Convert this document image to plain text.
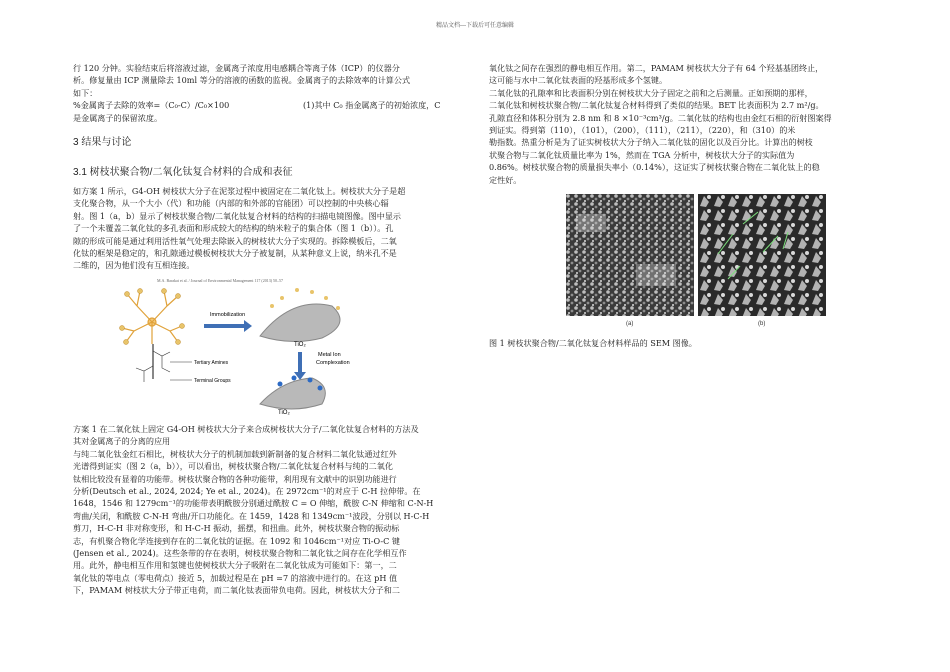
精品文档---下载后可任意编辑

行 120 分钟。实验结束后将溶液过滤，金属离子浓度用电感耦合等离子体（ICP）的仪器分

析。修复量由 ICP 测量除去 10ml 等分的溶液的函数的监视。金属离子的去除效率的计算公式

如下：

%金属离子去除的效率=（C₀-C）/C₀×100	(1)其中 C₀ 指金属离子的初始浓度，C

是金属离子的保留浓度。

3 结果与讨论
3.1 树枝状聚合物/二氧化钛复合材料的合成和表征

如方案 1 所示，G4-OH 树枝状大分子在泥浆过程中被固定在二氧化钛上。树枝状大分子是超

支化聚合物，从一个大小（代）和功能（内部的和外部的官能团）可以控制的中央核心辐

射。图 1（a，b）显示了树枝状聚合物/二氧化钛复合材料的结构的扫描电镜图像。图中显示

了一个未覆盖二氧化钛的多孔表面和形成较大的结构的纳米粒子的集合体（图 1（b））。孔

隙的形成可能是通过利用活性氧气处理去除嵌入的树枝状大分子实现的。拆除模板后，二氧

化钛的框架是稳定的，和孔隙通过模板树枝状大分子被复制，从某种意义上说，纳米孔不是

二维的，因为他们没有互相连接。

M.A. Barakat et al. / Journal of Environmental Management 117 (2013) 50–57
Tertiary Amines
Terminal Groups
Immobilization
TiO₂
Metal Ion
Complexation
TiO₂

方案 1 在二氧化钛上固定 G4-OH 树枝状大分子来合成树枝状大分子/二氧化钛复合材料的方法及

其对金属离子的分离的应用

与纯二氧化钛金红石相比，树枝状大分子的机制加载到新制备的复合材料二氧化钛通过红外

光谱得到证实（图 2（a，b）），可以看出，树枝状聚合物/二氧化钛复合材料与纯的二氧化

钛相比较没有显着的功能带。树枝状聚合物的各种功能带，利用现有文献中的识别功能进行

分析(Deutsch et al., 2024, 2024; Ye et al., 2024)。在 2972cm⁻¹的对应于 C-H 拉伸带。在

1648，1546 和 1279cm⁻¹的功能带表明酰胺分别通过酰胺 C = O 伸缩，酰胺 C-N 伸缩和 C-N-H

弯曲/关闭，和酰胺 C-N-H 弯曲/开口功能化。在 1459，1428 和 1349cm⁻¹波段，分别以 H-C-H

剪刀，H-C-H 非对称变形，和 H-C-H 振动，摇摆，和扭曲。此外，树枝状聚合物的振动标

志，有机聚合物化学连接到存在的二氧化钛的证据。在 1092 和 1046cm⁻¹对应 Ti-O-C 键

(Jensen et al., 2024)。这些条带的存在表明，树枝状聚合物和二氧化钛之间存在化学相互作

用。此外，静电相互作用和氢键也使树枝状大分子吸附在二氧化钛成为可能如下：第一，二

氧化钛的等电点（零电荷点）接近 5，加载过程是在 pH =7 的溶液中进行的。在这 pH 值

下，PAMAM 树枝状大分子带正电荷，而二氧化钛表面带负电荷。因此，树枝状大分子和二

氧化钛之间存在强烈的静电相互作用。第二，PAMAM 树枝状大分子有 64 个羟基基团终止，

这可能与水中二氧化钛表面的羟基形成多个氢键。

二氧化钛的孔隙率和比表面积分别在树枝状大分子固定之前和之后测量。正如预期的那样，

二氧化钛和树枝状聚合物/二氧化钛复合材料得到了类似的结果。BET 比表面积为 2.7 m²/g。

孔隙直径和体积分别为 2.8 nm 和 8 ×10⁻³cm³/g。二氧化钛的结构也由金红石相的衍射图案得

到证实。得到第（110），（101），（200），（111），（211），（220），和（310）的米

勒指数。热重分析是为了证实树枝状大分子纳入二氧化钛的固化以及百分比。计算出的树枝

状聚合物与二氧化钛质量比率为 1%，然而在 TGA 分析中，树枝状大分子的实际值为

0.86%。树枝状聚合物的质量损失率小（0.14%），这证实了树枝状聚合物在二氧化钛上的稳

定性好。

(a)	(b)
图 1 树枝状聚合物/二氧化钛复合材料样品的 SEM 图像。
